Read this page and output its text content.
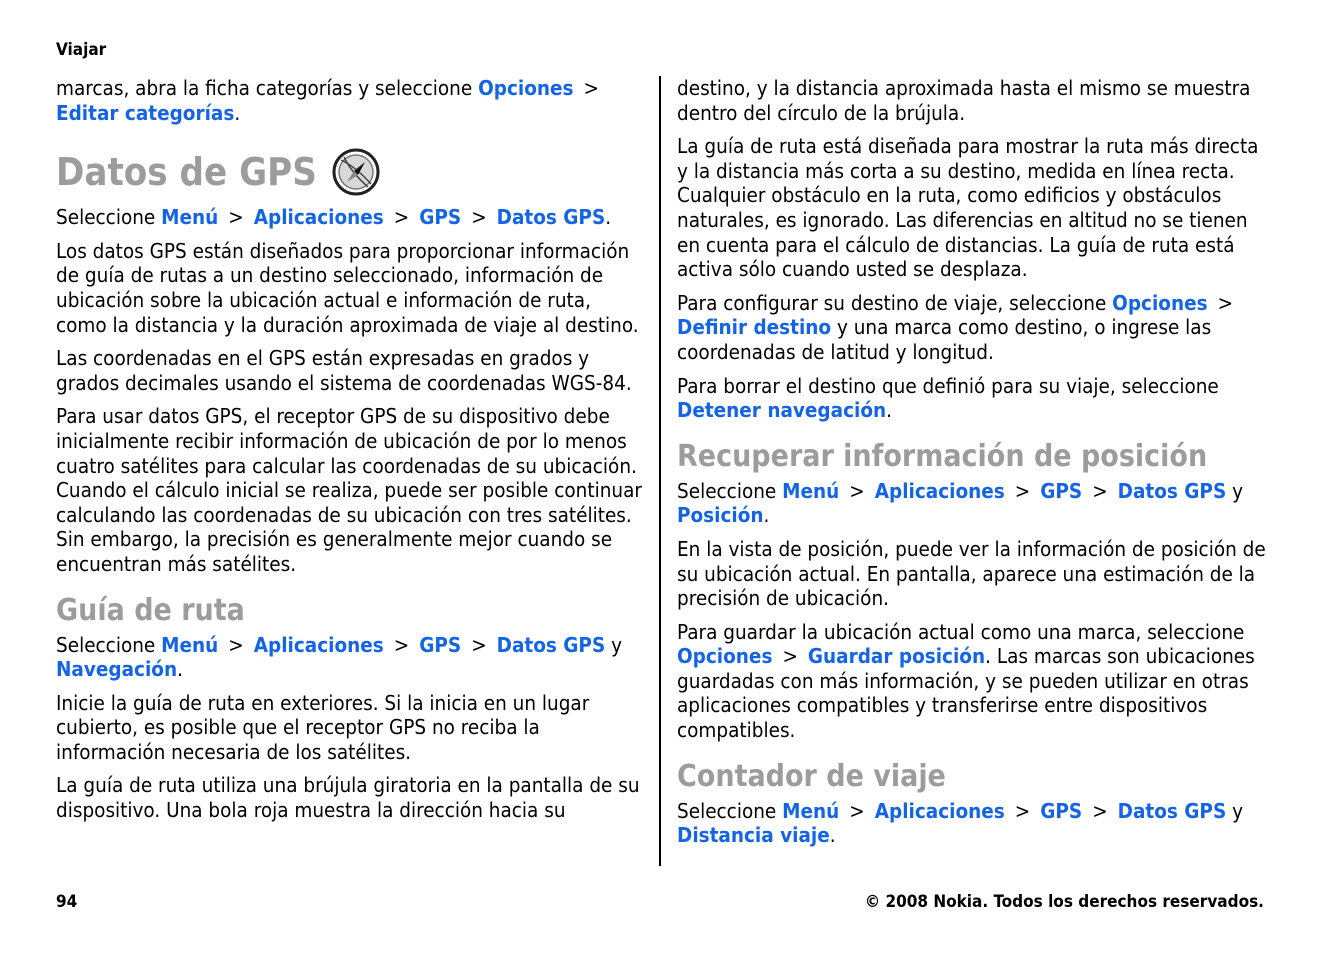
Viajar

marcas, abra la ficha categorías y seleccione Opciones >Editar categorías.

Datos de GPS

Seleccione Menú > Aplicaciones > GPS > Datos GPS.

Los datos GPS están diseñados para proporcionar información de guía de rutas a un destino seleccionado, información de ubicación sobre la ubicación actual e información de ruta, como la distancia y la duración aproximada de viaje al destino.

Las coordenadas en el GPS están expresadas en grados y grados decimales usando el sistema de coordenadas WGS-84.

Para usar datos GPS, el receptor GPS de su dispositivo debe inicialmente recibir información de ubicación de por lo menos cuatro satélites para calcular las coordenadas de su ubicación. Cuando el cálculo inicial se realiza, puede ser posible continuar calculando las coordenadas de su ubicación con tres satélites. Sin embargo, la precisión es generalmente mejor cuando se encuentran más satélites.

Guía de ruta

Seleccione Menú > Aplicaciones > GPS > Datos GPS y Navegación.

Inicie la guía de ruta en exteriores. Si la inicia en un lugar cubierto, es posible que el receptor GPS no reciba la información necesaria de los satélites.

La guía de ruta utiliza una brújula giratoria en la pantalla de su dispositivo. Una bola roja muestra la dirección hacia su

destino, y la distancia aproximada hasta el mismo se muestra dentro del círculo de la brújula.

La guía de ruta está diseñada para mostrar la ruta más directa y la distancia más corta a su destino, medida en línea recta. Cualquier obstáculo en la ruta, como edificios y obstáculos naturales, es ignorado. Las diferencias en altitud no se tienen en cuenta para el cálculo de distancias. La guía de ruta está activa sólo cuando usted se desplaza.

Para configurar su destino de viaje, seleccione Opciones >Definir destino y una marca como destino, o ingrese las coordenadas de latitud y longitud.

Para borrar el destino que definió para su viaje, seleccione Detener navegación.

Recuperar información de posición

Seleccione Menú > Aplicaciones > GPS > Datos GPS y Posición.

En la vista de posición, puede ver la información de posición de su ubicación actual. En pantalla, aparece una estimación de la precisión de ubicación.

Para guardar la ubicación actual como una marca, seleccione Opciones > Guardar posición. Las marcas son ubicaciones guardadas con más información, y se pueden utilizar en otras aplicaciones compatibles y transferirse entre dispositivos compatibles.

Contador de viaje

Seleccione Menú > Aplicaciones > GPS > Datos GPS y Distancia viaje.

94	© 2008 Nokia. Todos los derechos reservados.
